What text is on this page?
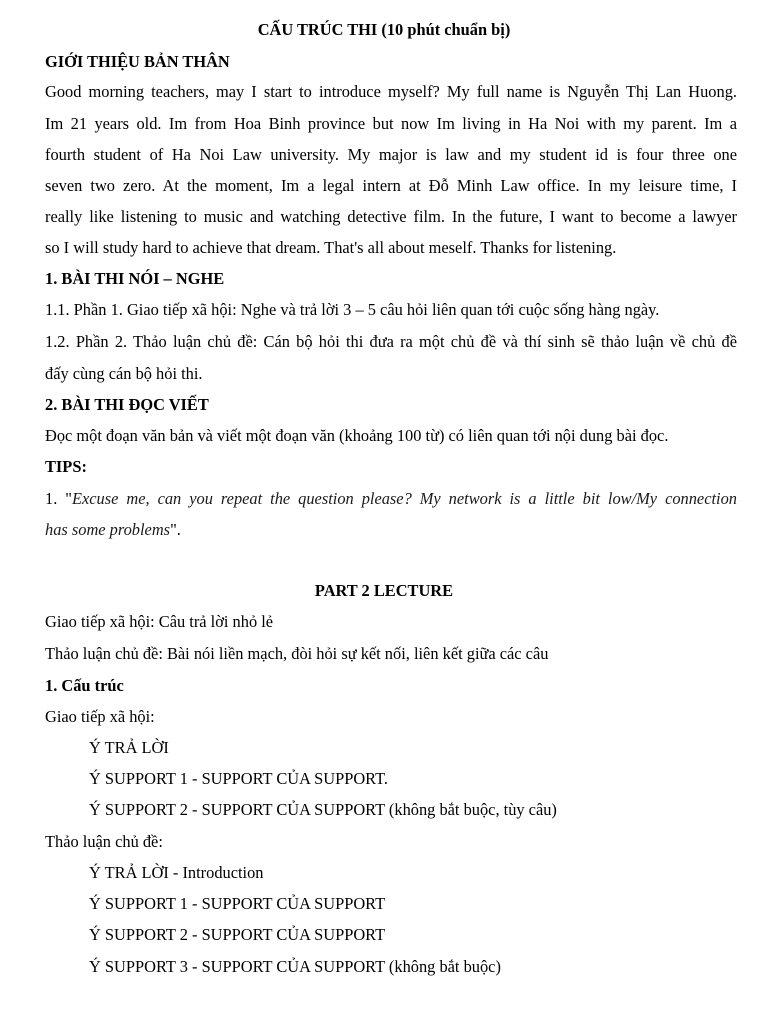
CẤU TRÚC THI (10 phút chuẩn bị)
GIỚI THIỆU BẢN THÂN
Good morning teachers, may I start to introduce myself? My full name is Nguyễn Thị Lan Huong.
Im 21 years old. Im from Hoa Binh province but now Im living in Ha Noi with my parent. Im a
fourth student of Ha Noi Law university. My major is law and my student id is four three one
seven two zero. At the moment, Im a legal intern at Đỗ Minh Law office. In my leisure time, I
really like listening to music and watching detective film. In the future, I want to become a lawyer
so I will study hard to achieve that dream. That's all about meself. Thanks for listening.
1. BÀI THI NÓI – NGHE
1.1. Phần 1. Giao tiếp xã hội: Nghe và trả lời 3 – 5 câu hỏi liên quan tới cuộc sống hàng ngày.
1.2. Phần 2. Thảo luận chủ đề: Cán bộ hỏi thi đưa ra một chủ đề và thí sinh sẽ thảo luận về chủ đề
đấy cùng cán bộ hỏi thi.
2. BÀI THI ĐỌC VIẾT
Đọc một đoạn văn bản và viết một đoạn văn (khoảng 100 từ) có liên quan tới nội dung bài đọc.
TIPS:
1. "Excuse me, can you repeat the question please? My network is a little bit low/My connection
has some problems".
PART 2 LECTURE
Giao tiếp xã hội: Câu trả lời nhỏ lẻ
Thảo luận chủ đề: Bài nói liền mạch, đòi hỏi sự kết nối, liên kết giữa các câu
1. Cấu trúc
Giao tiếp xã hội:
Ý TRẢ LỜI
Ý SUPPORT 1 - SUPPORT CỦA SUPPORT.
Ý SUPPORT 2 - SUPPORT CỦA SUPPORT (không bắt buộc, tùy câu)
Thảo luận chủ đề:
Ý TRẢ LỜI - Introduction
Ý SUPPORT 1 - SUPPORT CỦA SUPPORT
Ý SUPPORT 2 - SUPPORT CỦA SUPPORT
Ý SUPPORT 3 - SUPPORT CỦA SUPPORT (không bắt buộc)
